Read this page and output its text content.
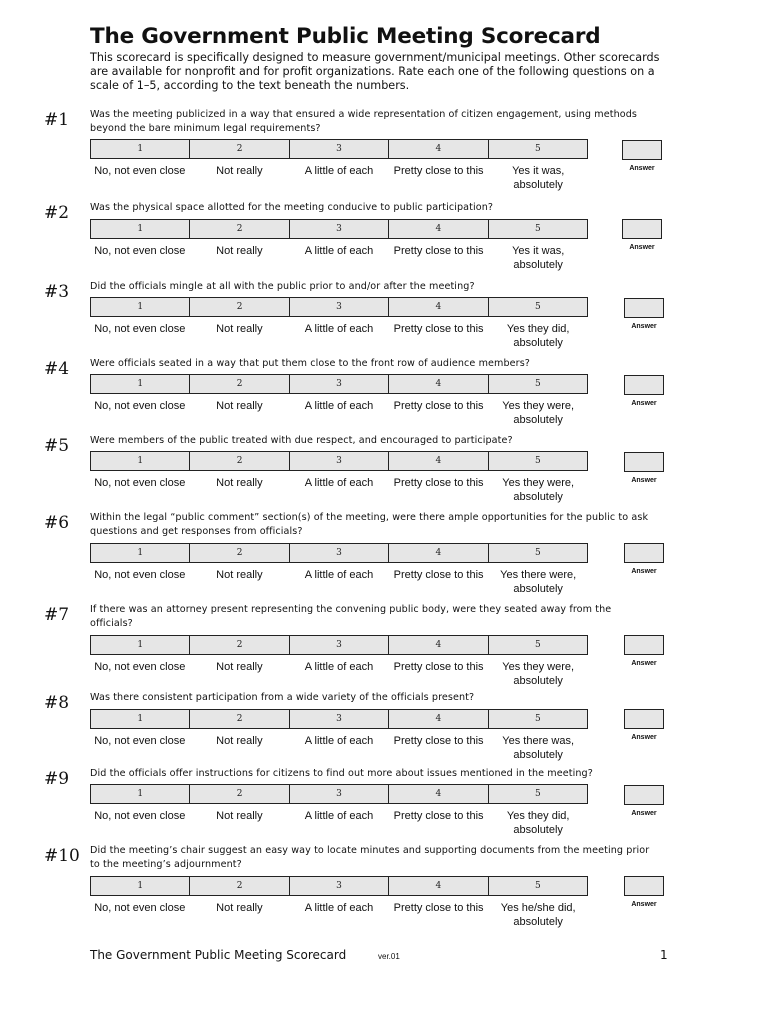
The Government Public Meeting Scorecard

This scorecard is specifically designed to measure government/municipal meetings. Other scorecards are available for nonprofit and for profit organizations. Rate each one of the following questions on a scale of 1–5, according to the text beneath the numbers.

#1 Was the meeting publicized in a way that ensured a wide representation of citizen engagement, using methods beyond the bare minimum legal requirements?

1	2	3	4	5
No, not even close	Not really	A little of each	Pretty close to this	Yes it was, absolutely
Answer
#2 Was the physical space allotted for the meeting conducive to public participation?

1	2	3	4	5
No, not even close	Not really	A little of each	Pretty close to this	Yes it was, absolutely
Answer
#3 Did the officials mingle at all with the public prior to and/or after the meeting?

1	2	3	4	5
No, not even close	Not really	A little of each	Pretty close to this	Yes they did, absolutely
Answer
#4 Were officials seated in a way that put them close to the front row of audience members?

1	2	3	4	5
No, not even close	Not really	A little of each	Pretty close to this	Yes they were, absolutely
Answer
#5 Were members of the public treated with due respect, and encouraged to participate?

1	2	3	4	5
No, not even close	Not really	A little of each	Pretty close to this	Yes they were, absolutely
Answer
#6 Within the legal “public comment” section(s) of the meeting, were there ample opportunities for the public to ask questions and get responses from officials?

1	2	3	4	5
No, not even close	Not really	A little of each	Pretty close to this	Yes there were, absolutely
Answer
#7 If there was an attorney present representing the convening public body, were they seated away from the officials?

1	2	3	4	5
No, not even close	Not really	A little of each	Pretty close to this	Yes they were, absolutely
Answer
#8 Was there consistent participation from a wide variety of the officials present?

1	2	3	4	5
No, not even close	Not really	A little of each	Pretty close to this	Yes there was, absolutely
Answer
#9 Did the officials offer instructions for citizens to find out more about issues mentioned in the meeting?

1	2	3	4	5
No, not even close	Not really	A little of each	Pretty close to this	Yes they did, absolutely
Answer
#10 Did the meeting’s chair suggest an easy way to locate minutes and supporting documents from the meeting prior to the meeting’s adjournment?

1	2	3	4	5
No, not even close	Not really	A little of each	Pretty close to this	Yes he/she did, absolutely
Answer
The Government Public Meeting Scorecard	ver.01	1
